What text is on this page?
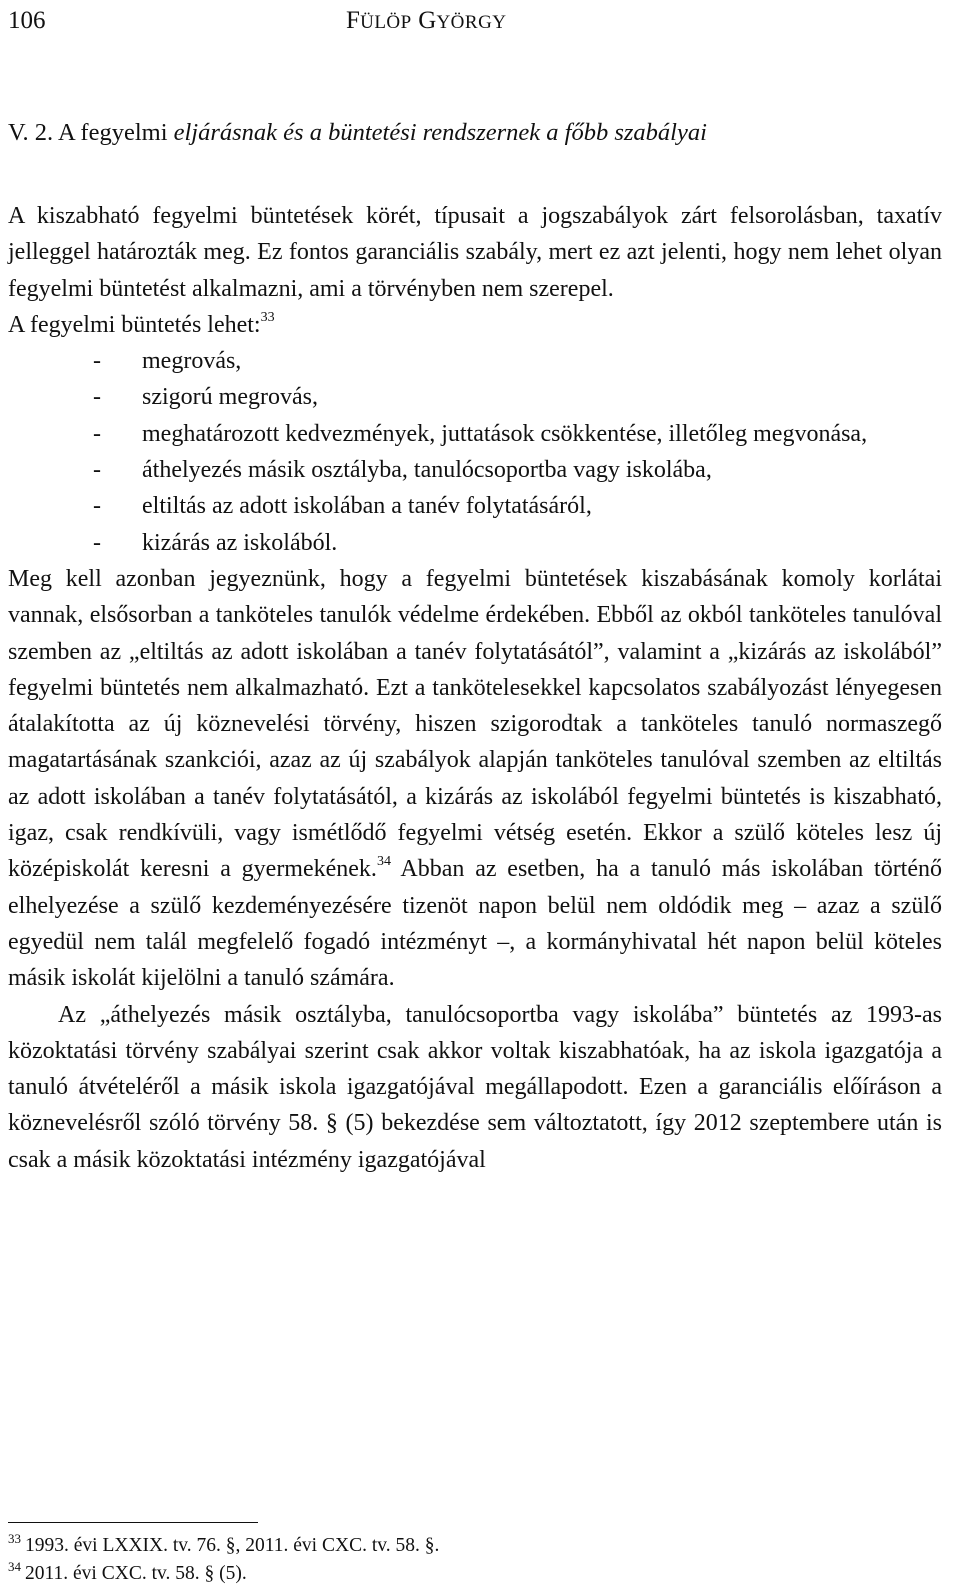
106	FÜLÖP GYÖRGY
V. 2. A fegyelmi eljárásnak és a büntetési rendszernek a főbb szabályai

A kiszabható fegyelmi büntetések körét, típusait a jogszabályok zárt felsorolásban, taxatív jelleggel határozták meg. Ez fontos garanciális szabály, mert ez azt jelenti, hogy nem lehet olyan fegyelmi büntetést alkalmazni, ami a törvényben nem szerepel.

A fegyelmi büntetés lehet:$^{33}$

- megrovás,
- szigorú megrovás,
- meghatározott kedvezmények, juttatások csökkentése, illetőleg megvonása,
- áthelyezés másik osztályba, tanulócsoportba vagy iskolába,
- eltiltás az adott iskolában a tanév folytatásáról,
- kizárás az iskolából.

Meg kell azonban jegyeznünk, hogy a fegyelmi büntetések kiszabásának komoly korlátai vannak, elsősorban a tanköteles tanulók védelme érdekében. Ebből az okból tanköteles tanulóval szemben az „eltiltás az adott iskolában a tanév folytatásától”, valamint a „kizárás az iskolából” fegyelmi büntetés nem alkalmazható. Ezt a tankötelesekkel kapcsolatos szabályozást lényegesen átalakította az új köznevelési törvény, hiszen szigorodtak a tanköteles tanuló normaszegő magatartásának szankciói, azaz az új szabályok alapján tanköteles tanulóval szemben az eltiltás az adott iskolában a tanév folytatásától, a kizárás az iskolából fegyelmi büntetés is kiszabható, igaz, csak rendkívüli, vagy ismétlődő fegyelmi vétség esetén. Ekkor a szülő köteles lesz új középiskolát keresni a gyermekének.$^{34}$ Abban az esetben, ha a tanuló más iskolában történő elhelyezése a szülő kezdeményezésére tizenöt napon belül nem oldódik meg – azaz a szülő egyedül nem talál megfelelő fogadó intézményt –, a kormányhivatal hét napon belül köteles másik iskolát kijelölni a tanuló számára.

Az „áthelyezés másik osztályba, tanulócsoportba vagy iskolába” büntetés az 1993-as közoktatási törvény szabályai szerint csak akkor voltak kiszabhatóak, ha az iskola igazgatója a tanuló átvételéről a másik iskola igazgatójával megállapodott. Ezen a garanciális előíráson a köznevelésről szóló törvény 58. § (5) bekezdése sem változtatott, így 2012 szeptembere után is csak a másik közoktatási intézmény igazgatójával

$^{33}$ 1993. évi LXXIX. tv. 76. §, 2011. évi CXC. tv. 58. §.
$^{34}$ 2011. évi CXC. tv. 58. § (5).
